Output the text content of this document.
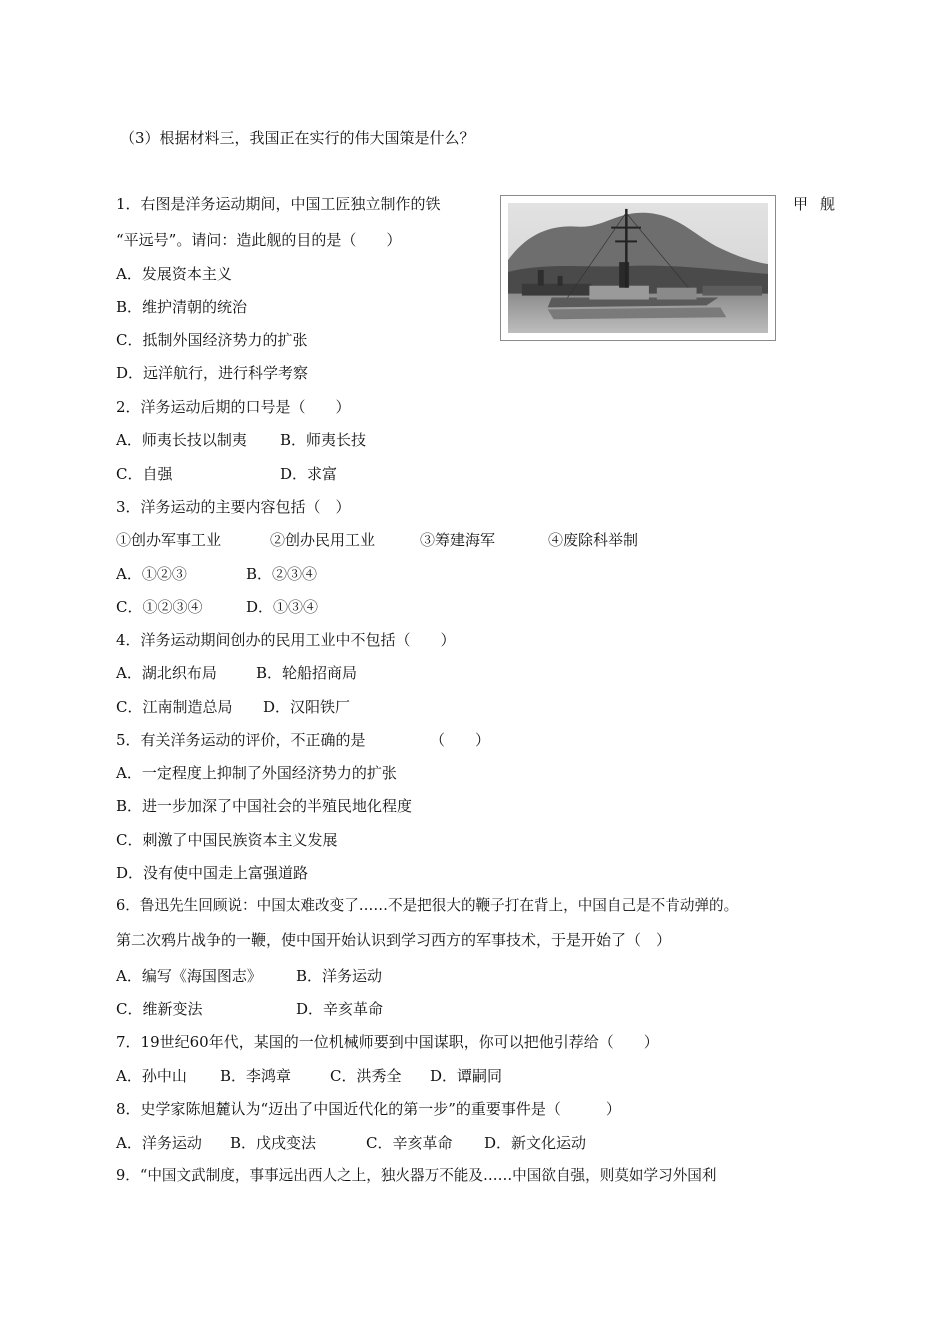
（3）根据材料三，我国正在实行的伟大国策是什么？
1．右图是洋务运动期间，中国工匠独立制作的铁	甲 舰
“平远号”。请问：造此舰的目的是（　　）
A．发展资本主义
B．维护清朝的统治
C．抵制外国经济势力的扩张
D．远洋航行，进行科学考察
2．洋务运动后期的口号是（　　）
A．师夷长技以制夷 B．师夷长技
C．自强	D．求富
3．洋务运动的主要内容包括（　）
①创办军事工业	②创办民用工业	③筹建海军	④废除科举制
A．①②③	B．②③④
C．①②③④	D．①③④
4．洋务运动期间创办的民用工业中不包括（　　）
A．湖北织布局	B．轮船招商局
C．江南制造总局 D．汉阳铁厂
5．有关洋务运动的评价，不正确的是	（　　）
A．一定程度上抑制了外国经济势力的扩张
B．进一步加深了中国社会的半殖民地化程度
C．刺激了中国民族资本主义发展
D．没有使中国走上富强道路
6．鲁迅先生回顾说：中国太难改变了……不是把很大的鞭子打在背上，中国自己是不肯动弹的。
第二次鸦片战争的一鞭，使中国开始认识到学习西方的军事技术，于是开始了（　）
A．编写《海国图志》 B．洋务运动
C．维新变法	D．辛亥革命
7．19世纪60年代，某国的一位机械师要到中国谋职，你可以把他引荐给（　　）
A．孙中山 B．李鸿章	C．洪秀全 D．谭嗣同
8．史学家陈旭麓认为“迈出了中国近代化的第一步”的重要事件是（　　　）
A．洋务运动 B．戊戌变法	C．辛亥革命 D．新文化运动
9．“中国文武制度，事事远出西人之上，独火器万不能及……中国欲自强，则莫如学习外国利
